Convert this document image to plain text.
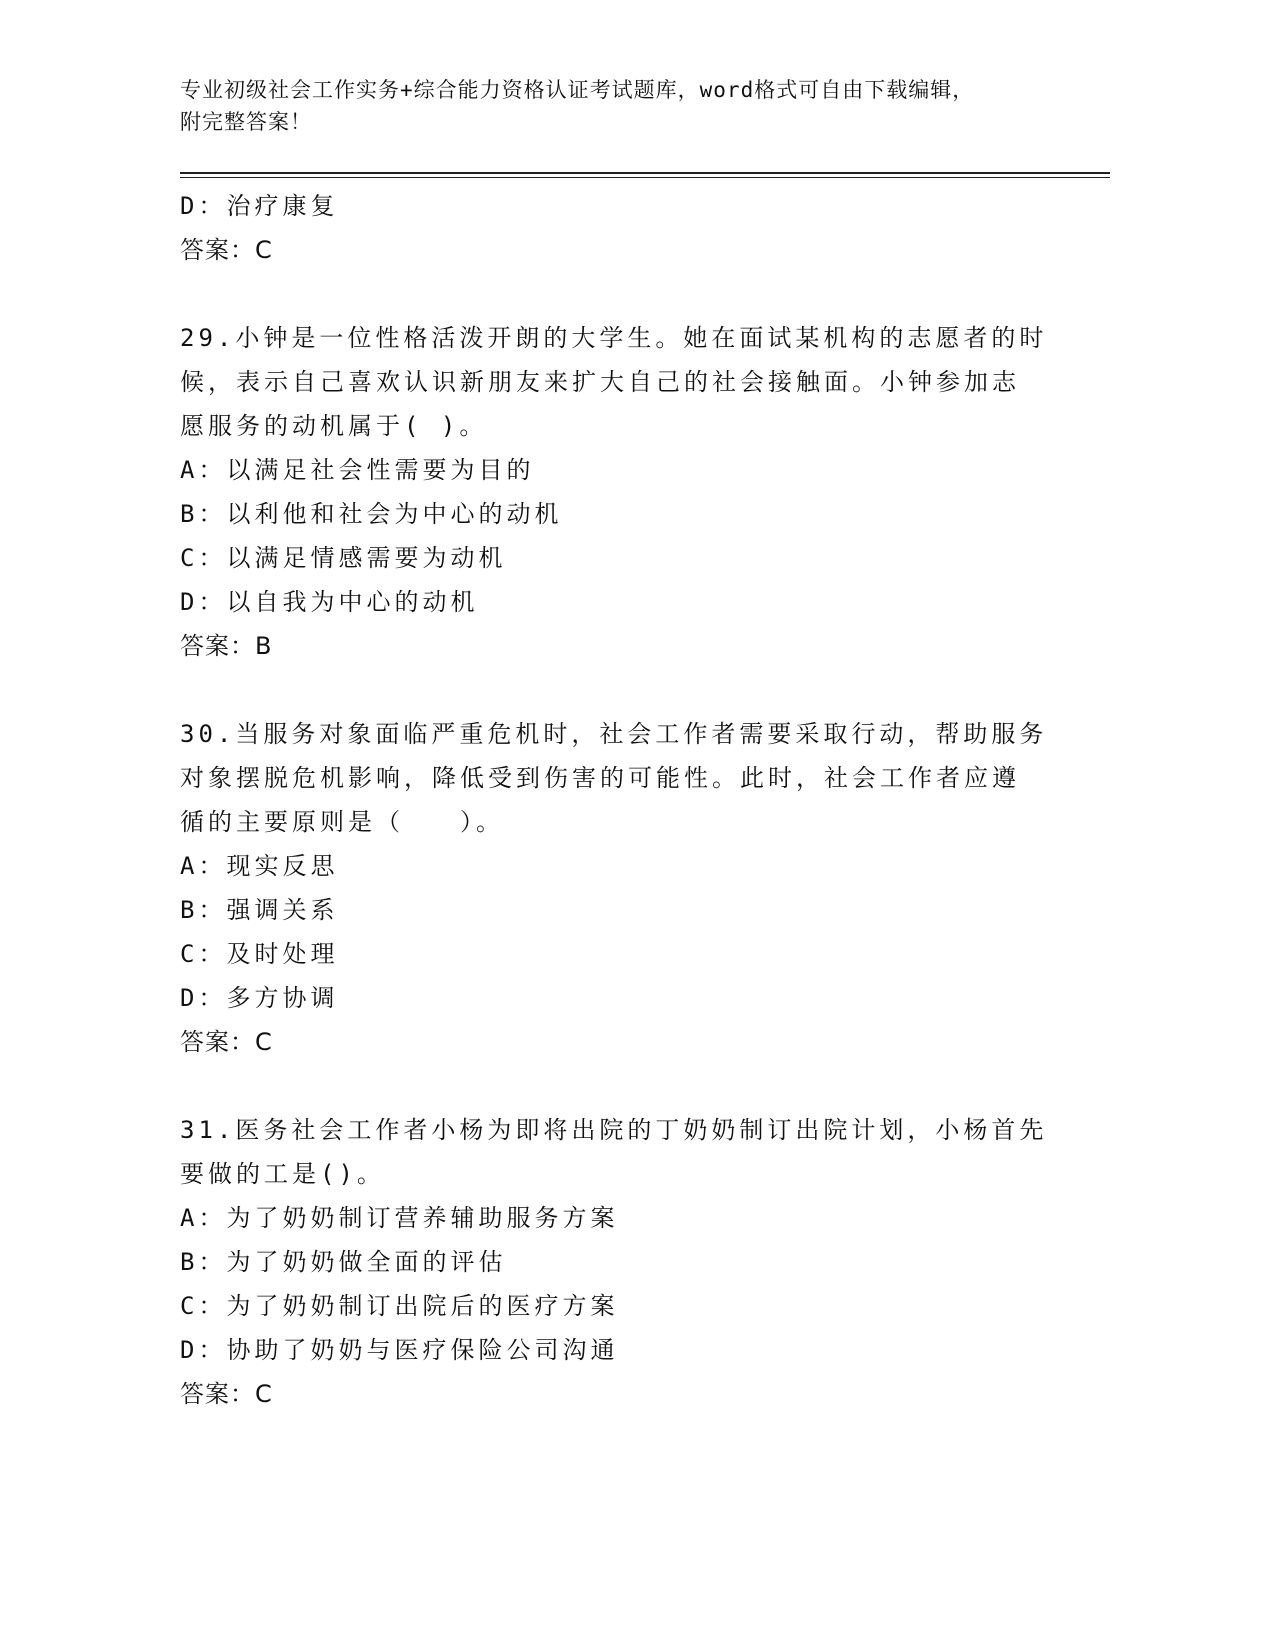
专业初级社会工作实务+综合能力资格认证考试题库，word格式可自由下载编辑，
附完整答案！
D：治疗康复
答案：C
29.小钟是一位性格活泼开朗的大学生。她在面试某机构的志愿者的时
候，表示自己喜欢认识新朋友来扩大自己的社会接触面。小钟参加志
愿服务的动机属于( )。
A：以满足社会性需要为目的
B：以利他和社会为中心的动机
C：以满足情感需要为动机
D：以自我为中心的动机
答案：B
30.当服务对象面临严重危机时，社会工作者需要采取行动，帮助服务
对象摆脱危机影响，降低受到伤害的可能性。此时，社会工作者应遵
循的主要原则是（　　）。
A：现实反思
B：强调关系
C：及时处理
D：多方协调
答案：C
31.医务社会工作者小杨为即将出院的丁奶奶制订出院计划，小杨首先
要做的工是()。
A：为了奶奶制订营养辅助服务方案
B：为了奶奶做全面的评估
C：为了奶奶制订出院后的医疗方案
D：协助了奶奶与医疗保险公司沟通
答案：C
